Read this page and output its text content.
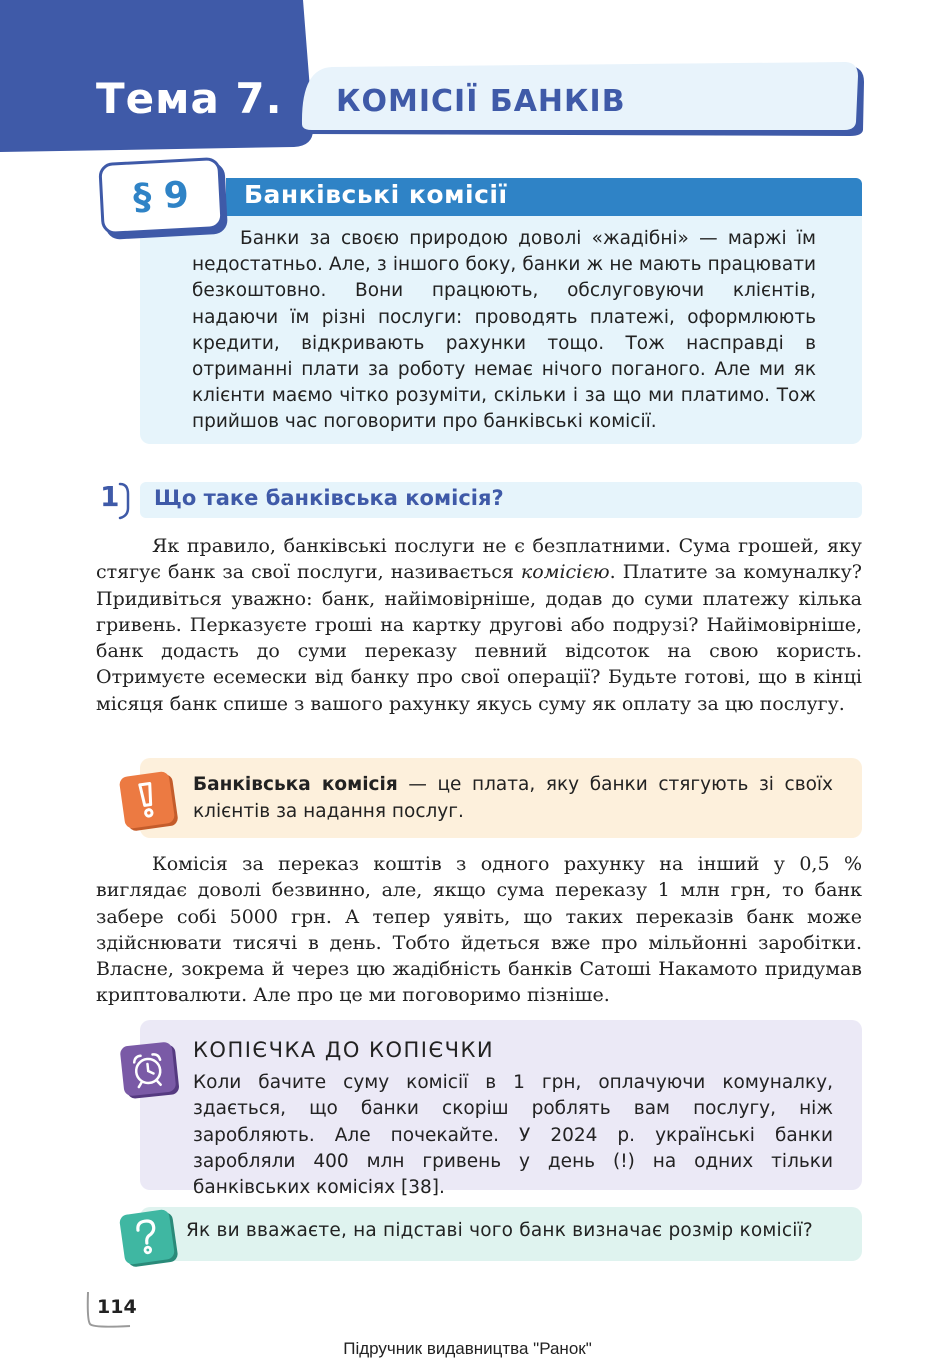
Тема 7. КОМІСІЇ БАНКІВ
Банківські комісії
§ 9

Банки за своєю природою доволі «жадібні» — маржі їм недостатньо. Але, з іншого боку, банки ж не мають працювати безкоштовно. Вони працюють, обслуговуючи клієнтів, надаючи їм різні послуги: проводять платежі, оформлюють кредити, відкривають рахунки тощо. Тож насправді в отриманні плати за роботу немає нічого поганого. Але ми як клієнти маємо чітко розуміти, скільки і за що ми платимо. Тож прийшов час поговорити про банківські комісії.

1 Що таке банківська комісія?

Як правило, банківські послуги не є безплатними. Сума грошей, яку стягує банк за свої послуги, називається комісією. Платите за комуналку? Придивіться уважно: банк, найімовірніше, додав до суми платежу кілька гривень. Перказуєте гроші на картку другові або подрузі? Найімовірніше, банк додасть до суми переказу певний відсоток на свою користь. Отримуєте есемески від банку про свої операції? Будьте готові, що в кінці місяця банк спише з вашого рахунку якусь суму як оплату за цю послугу.

Банківська комісія — це плата, яку банки стягують зі своїх клієнтів за надання послуг.

Комісія за переказ коштів з одного рахунку на інший у 0,5 % виглядає доволі безвинно, але, якщо сума переказу 1 млн грн, то банк забере собі 5000 грн. А тепер уявіть, що таких переказів банк може здійснювати тисячі в день. Тобто йдеться вже про мільйонні заробітки. Власне, зокрема й через цю жадібність банків Сатоші Накамото придумав криптовалюти. Але про це ми поговоримо пізніше.

КОПІЄЧКА ДО КОПІЄЧКИ

Коли бачите суму комісії в 1 грн, оплачуючи комуналку, здається, що банки скоріш роблять вам послугу, ніж заробляють. Але почекайте. У 2024 р. українські банки заробляли 400 млн гривень у день (!) на одних тільки банківських комісіях [38].

Як ви вважаєте, на підставі чого банк визначає розмір комісії?
114
Підручник видавництва "Ранок"
